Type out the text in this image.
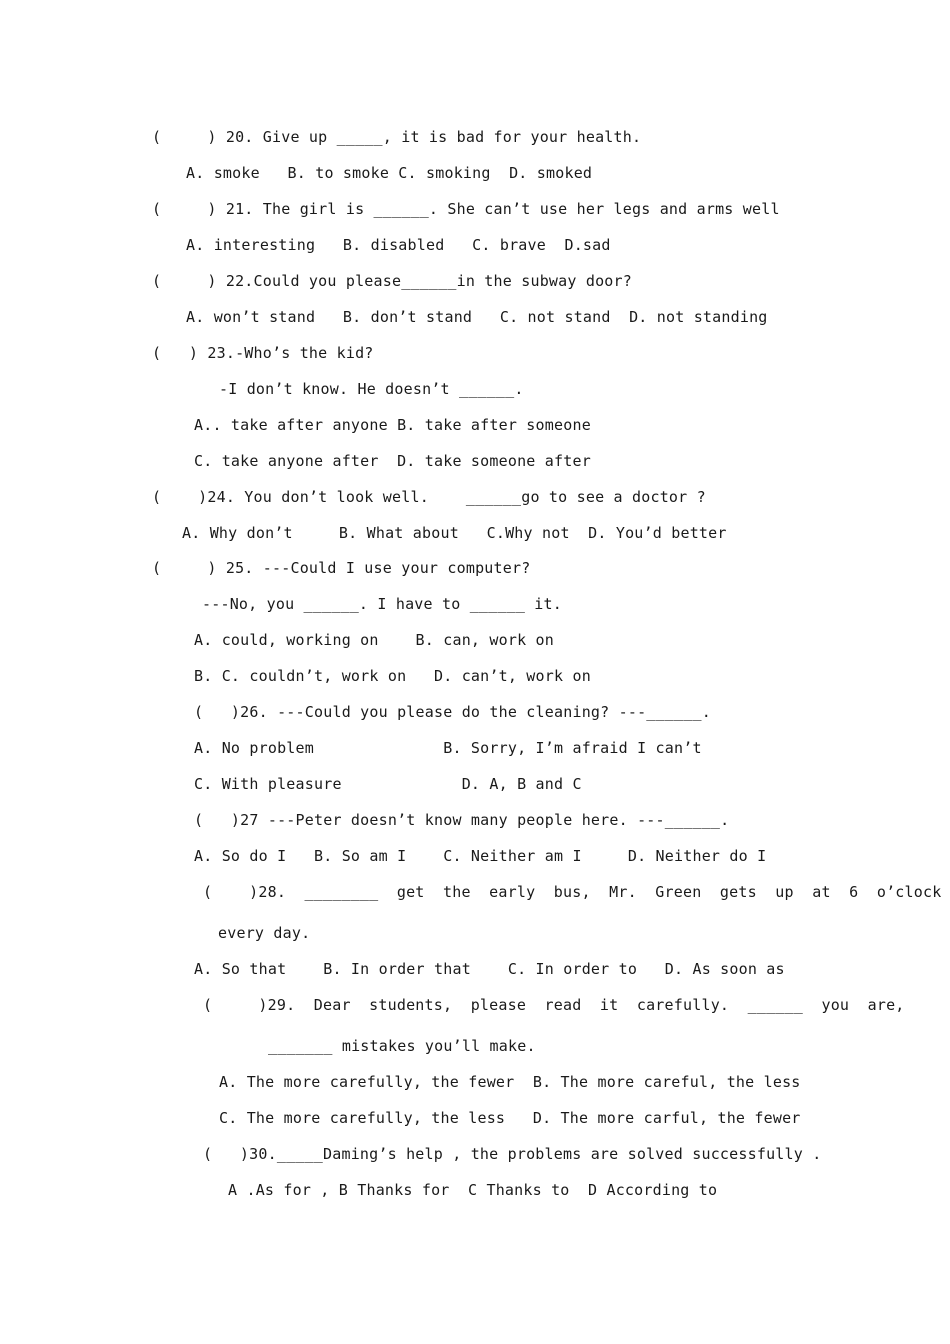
(     ) 20. Give up _____, it is bad for your health.
A. smoke   B. to smoke C. smoking  D. smoked
(     ) 21. The girl is ______. She can’t use her legs and arms well
A. interesting   B. disabled   C. brave  D.sad
(     ) 22.Could you please______in the subway door?
A. won’t stand   B. don’t stand   C. not stand  D. not standing
(   ) 23.-Who’s the kid?
-I don’t know. He doesn’t ______.
A.. take after anyone B. take after someone
C. take anyone after  D. take someone after
(    )24. You don’t look well.    ______go to see a doctor ?
A. Why don’t     B. What about   C.Why not  D. You’d better
(     ) 25. ---Could I use your computer?
---No, you ______. I have to ______ it.
A. could, working on    B. can, work on
B. C. couldn’t, work on   D. can’t, work on
(   )26. ---Could you please do the cleaning? ---______.
A. No problem              B. Sorry, I’m afraid I can’t
C. With pleasure             D. A, B and C
(   )27 ---Peter doesn’t know many people here. ---______.
A. So do I   B. So am I    C. Neither am I     D. Neither do I
(    )28.  ________  get  the  early  bus,  Mr.  Green  gets  up  at  6  o’clock
every day.
A. So that    B. In order that    C. In order to   D. As soon as
(     )29.  Dear  students,  please  read  it  carefully.  ______  you  are,
_______ mistakes you’ll make.
A. The more carefully, the fewer  B. The more careful, the less
C. The more carefully, the less   D. The more carful, the fewer
(   )30._____Daming’s help , the problems are solved successfully .
A .As for , B Thanks for  C Thanks to  D According to
